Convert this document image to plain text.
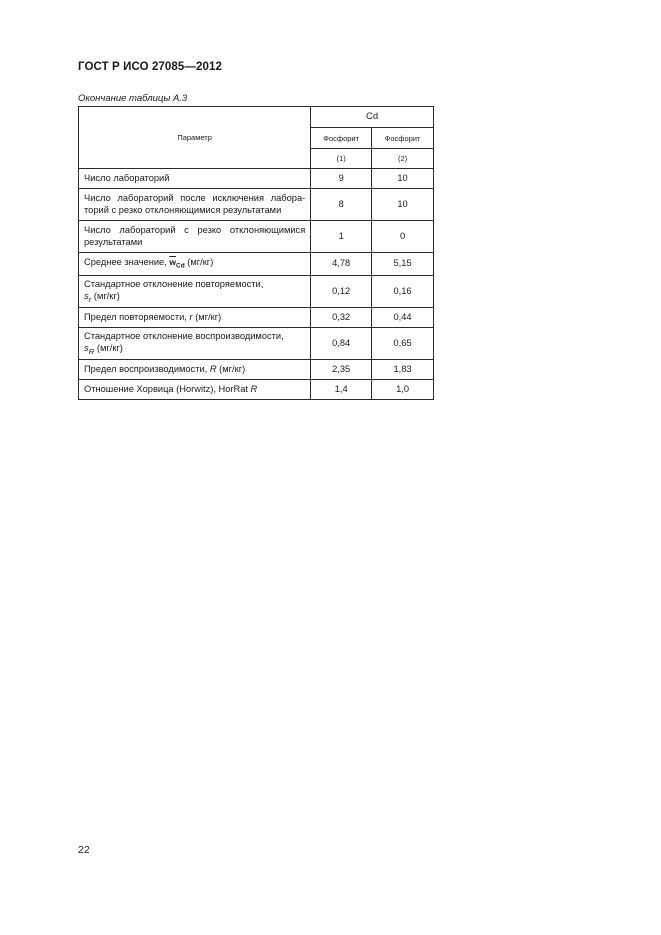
ГОСТ Р ИСО 27085—2012
Окончание таблицы А.3
Параметр	Cd	
	Фосфорит	Фосфорит
	(1)	(2)
Число лабораторий	9	10
Число лабораторий после исключения лабора-торий с резко отклоняющимися результатами	8	10
Число лабораторий с резко отклоняющимися результатами	1	0
Среднее значение, $\overline{w}_{Cd}$ (мг/кг)	4,78	5,15
Стандартное отклонение повторяемости,
$s_r$ (мг/кг)	0,12	0,16
Предел повторяемости, r (мг/кг)	0,32	0,44
Стандартное отклонение воспроизводимости,
$s_R$ (мг/кг)	0,84	0,65
Предел воспроизводимости, R (мг/кг)	2,35	1,83
Отношение Хорвица (Horwitz), HorRat R	1,4	1,0
22
